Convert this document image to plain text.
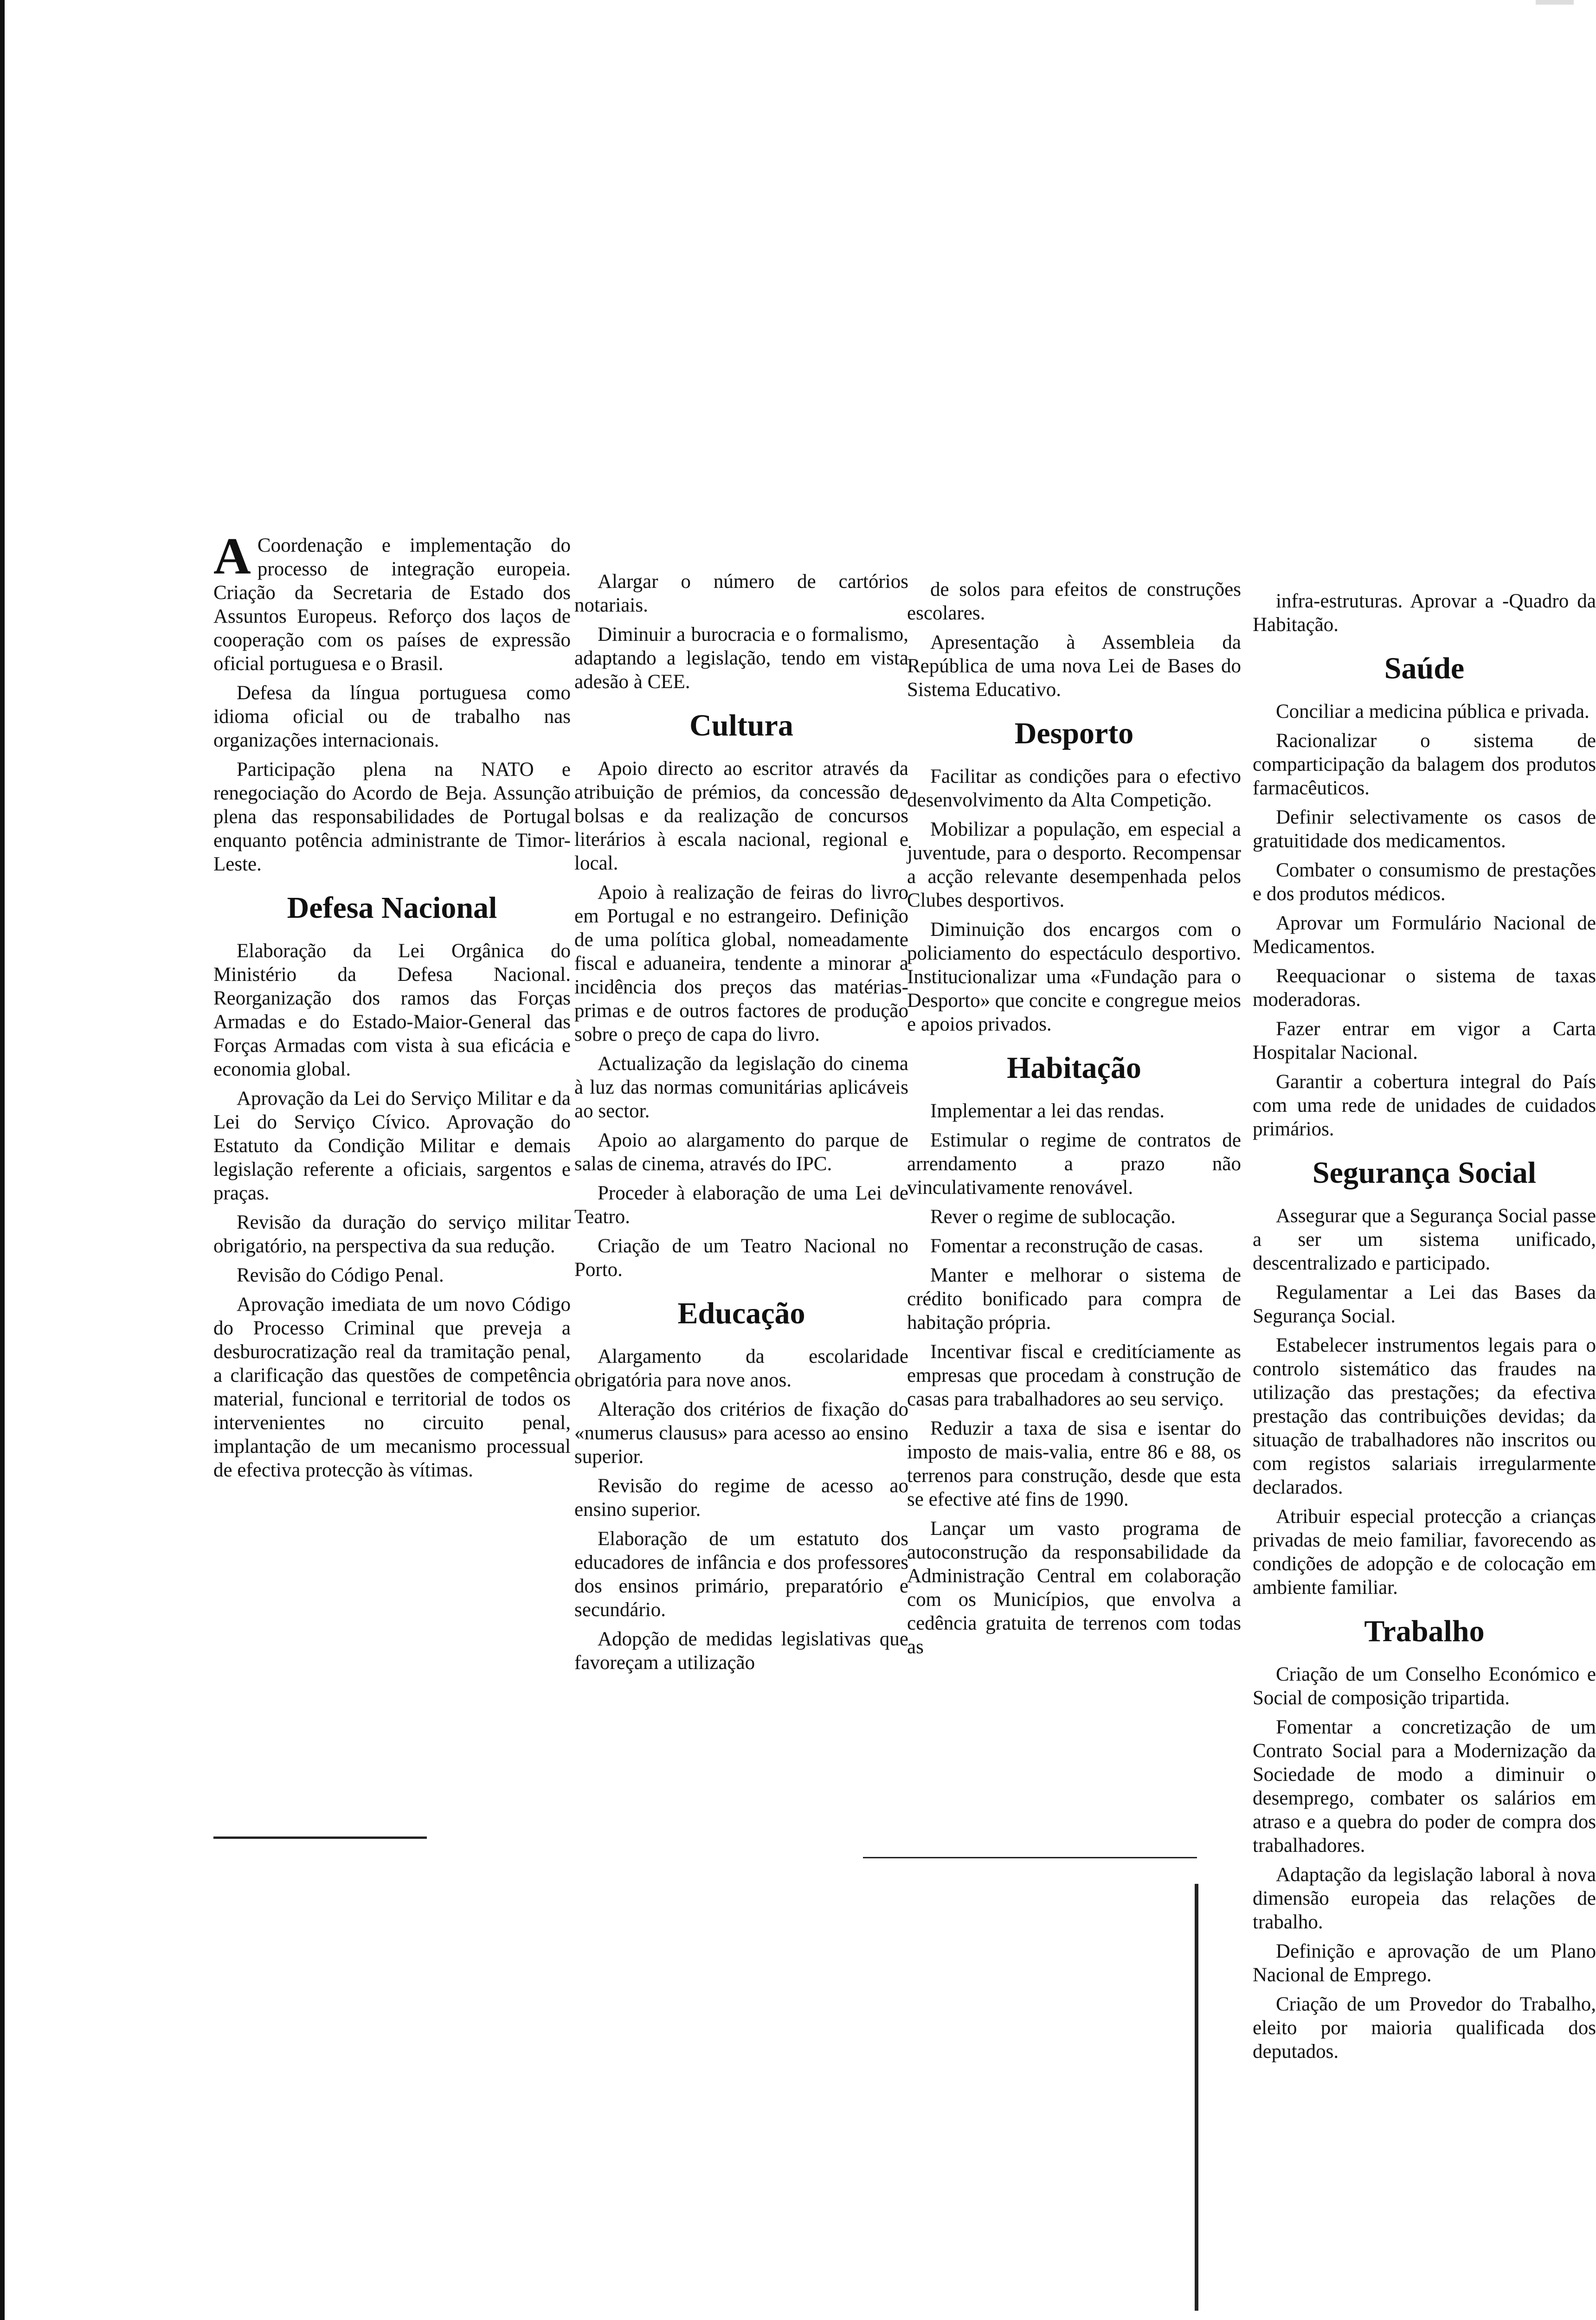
A Coordenação e implementação do processo de integração europeia. Criação da Secretaria de Estado dos Assuntos Europeus. Reforço dos laços de cooperação com os países de expressão oficial portuguesa e o Brasil.

Defesa da língua portuguesa como idioma oficial ou de trabalho nas organizações internacionais.

Participação plena na NATO e renegociação do Acordo de Beja. Assunção plena das responsabilidades de Portugal enquanto potência administrante de Timor-Leste.

Defesa Nacional

Elaboração da Lei Orgânica do Ministério da Defesa Nacional. Reorganização dos ramos das Forças Armadas e do Estado-Maior-General das Forças Armadas com vista à sua eficácia e economia global.

Aprovação da Lei do Serviço Militar e da Lei do Serviço Cívico. Aprovação do Estatuto da Condição Militar e demais legislação referente a oficiais, sargentos e praças.

Revisão da duração do serviço militar obrigatório, na perspectiva da sua redução.

Revisão do Código Penal.

Aprovação imediata de um novo Código do Processo Criminal que preveja a desburocratização real da tramitação penal, a clarificação das questões de competência material, funcional e territorial de todos os intervenientes no circuito penal, implantação de um mecanismo processual de efectiva protecção às vítimas.

Alargar o número de cartórios notariais.

Diminuir a burocracia e o formalismo, adaptando a legislação, tendo em vista adesão à CEE.

Cultura

Apoio directo ao escritor através da atribuição de prémios, da concessão de bolsas e da realização de concursos literários à escala nacional, regional e local.

Apoio à realização de feiras do livro em Portugal e no estrangeiro. Definição de uma política global, nomeadamente fiscal e aduaneira, tendente a minorar a incidência dos preços das matérias-primas e de outros factores de produção sobre o preço de capa do livro.

Actualização da legislação do cinema à luz das normas comunitárias aplicáveis ao sector.

Apoio ao alargamento do parque de salas de cinema, através do IPC.

Proceder à elaboração de uma Lei de Teatro.

Criação de um Teatro Nacional no Porto.

Educação

Alargamento da escolaridade obrigatória para nove anos.

Alteração dos critérios de fixação do «numerus clausus» para acesso ao ensino superior.

Revisão do regime de acesso ao ensino superior.

Elaboração de um estatuto dos educadores de infância e dos professores dos ensinos primário, preparatório e secundário.

Adopção de medidas legislativas que favoreçam a utilização

de solos para efeitos de construções escolares.

Apresentação à Assembleia da República de uma nova Lei de Bases do Sistema Educativo.

Desporto

Facilitar as condições para o efectivo desenvolvimento da Alta Competição.

Mobilizar a população, em especial a juventude, para o desporto. Recompensar a acção relevante desempenhada pelos Clubes desportivos.

Diminuição dos encargos com o policiamento do espectáculo desportivo. Institucionalizar uma «Fundação para o Desporto» que concite e congregue meios e apoios privados.

Habitação

Implementar a lei das rendas.

Estimular o regime de contratos de arrendamento a prazo não vinculativamente renovável.

Rever o regime de sublocação.

Fomentar a reconstrução de casas.

Manter e melhorar o sistema de crédito bonificado para compra de habitação própria.

Incentivar fiscal e creditíciamente as empresas que procedam à construção de casas para trabalhadores ao seu serviço.

Reduzir a taxa de sisa e isentar do imposto de mais-valia, entre 86 e 88, os terrenos para construção, desde que esta se efective até fins de 1990.

Lançar um vasto programa de autoconstrução da responsabilidade da Administração Central em colaboração com os Municípios, que envolva a cedência gratuita de terrenos com todas as

infra-estruturas. Aprovar a -Quadro da Habitação.

Saúde

Conciliar a medicina pública e privada.

Racionalizar o sistema de comparticipação da balagem dos produtos farmacêuticos.

Definir selectivamente os casos de gratuitidade dos medicamentos.

Combater o consumismo de prestações e dos produtos médicos.

Aprovar um Formulário Nacional de Medicamentos.

Reequacionar o sistema de taxas moderadoras.

Fazer entrar em vigor a Carta Hospitalar Nacional.

Garantir a cobertura integral do País com uma rede de unidades de cuidados primários.

Segurança Social

Assegurar que a Segurança Social passe a ser um sistema unificado, descentralizado e participado.

Regulamentar a Lei das Bases da Segurança Social.

Estabelecer instrumentos legais para o controlo sistemático das fraudes na utilização das prestações; da efectiva prestação das contribuições devidas; da situação de trabalhadores não inscritos ou com registos salariais irregularmente declarados.

Atribuir especial protecção a crianças privadas de meio familiar, favorecendo as condições de adopção e de colocação em ambiente familiar.

Trabalho

Criação de um Conselho Económico e Social de composição tripartida.

Fomentar a concretização de um Contrato Social para a Modernização da Sociedade de modo a diminuir o desemprego, combater os salários em atraso e a quebra do poder de compra dos trabalhadores.

Adaptação da legislação laboral à nova dimensão europeia das relações de trabalho.

Definição e aprovação de um Plano Nacional de Emprego.

Criação de um Provedor do Trabalho, eleito por maioria qualificada dos deputados.
